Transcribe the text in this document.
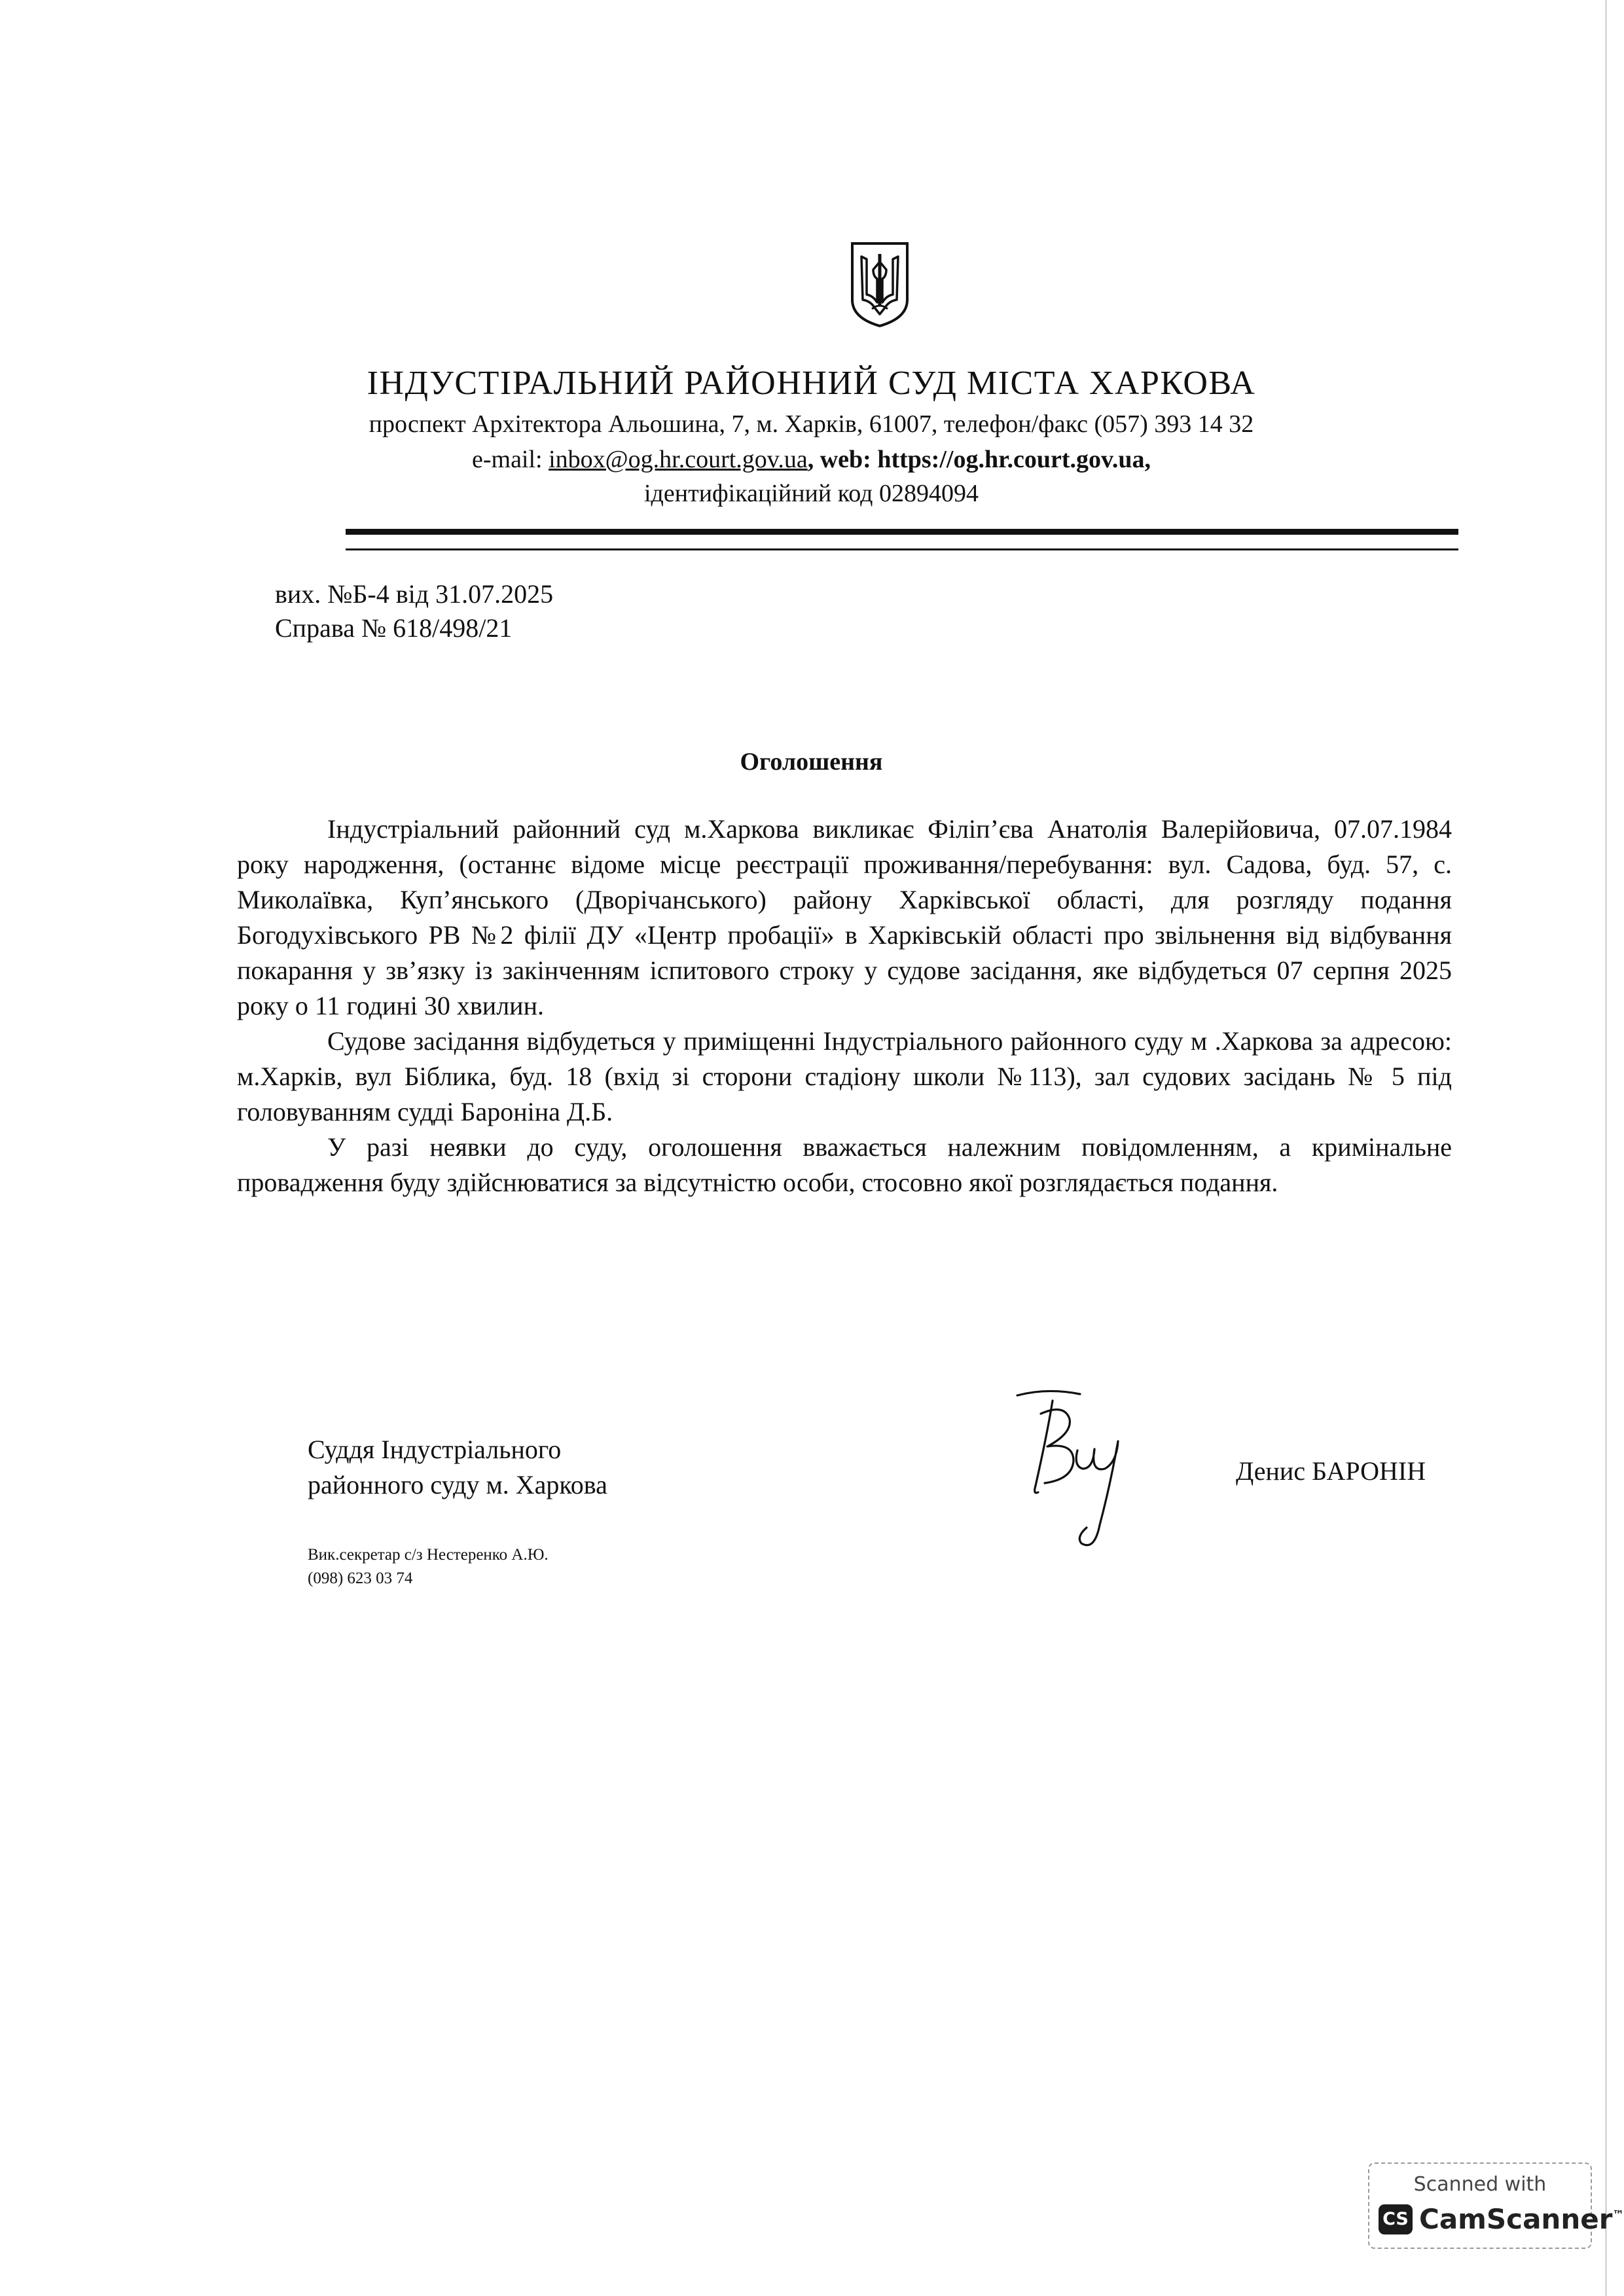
ІНДУСТІРАЛЬНИЙ РАЙОННИЙ СУД МІСТА ХАРКОВА
проспект Архітектора Альошина, 7, м. Харків, 61007, телефон/факс (057) 393 14 32
e-mail: inbox@og.hr.court.gov.ua, web: https://og.hr.court.gov.ua,
ідентифікаційний код 02894094
вих. №Б-4 від 31.07.2025
Справа № 618/498/21
Оголошення

Індустріальний районний суд м.Харкова викликає Філіп’єва Анатолія Валерійовича, 07.07.1984 року народження, (останнє відоме місце реєстрації проживання/перебування: вул. Садова, буд. 57, с. Миколаївка, Куп’янського (Дворічанського) району Харківської області, для розгляду подання Богодухівського РВ №2 філії ДУ «Центр пробації» в Харківській області про звільнення від відбування покарання у зв’язку із закінченням іспитового строку у судове засідання, яке відбудеться 07 серпня 2025 року о 11 годині 30 хвилин.

Судове засідання відбудеться у приміщенні Індустріального районного суду м .Харкова за адресою: м.Харків, вул Біблика, буд. 18 (вхід зі сторони стадіону школи №113), зал судових засідань № 5 під головуванням судді Бароніна Д.Б.

У разі неявки до суду, оголошення вважається належним повідомленням, а кримінальне провадження буду здійснюватися за відсутністю особи, стосовно якої розглядається подання.

Суддя Індустріального
районного суду м. Харкова	Денис БАРОНІН
Вик.секретар с/з Нестеренко А.Ю.
(098) 623 03 74
Scanned with
CS CamScanner™
